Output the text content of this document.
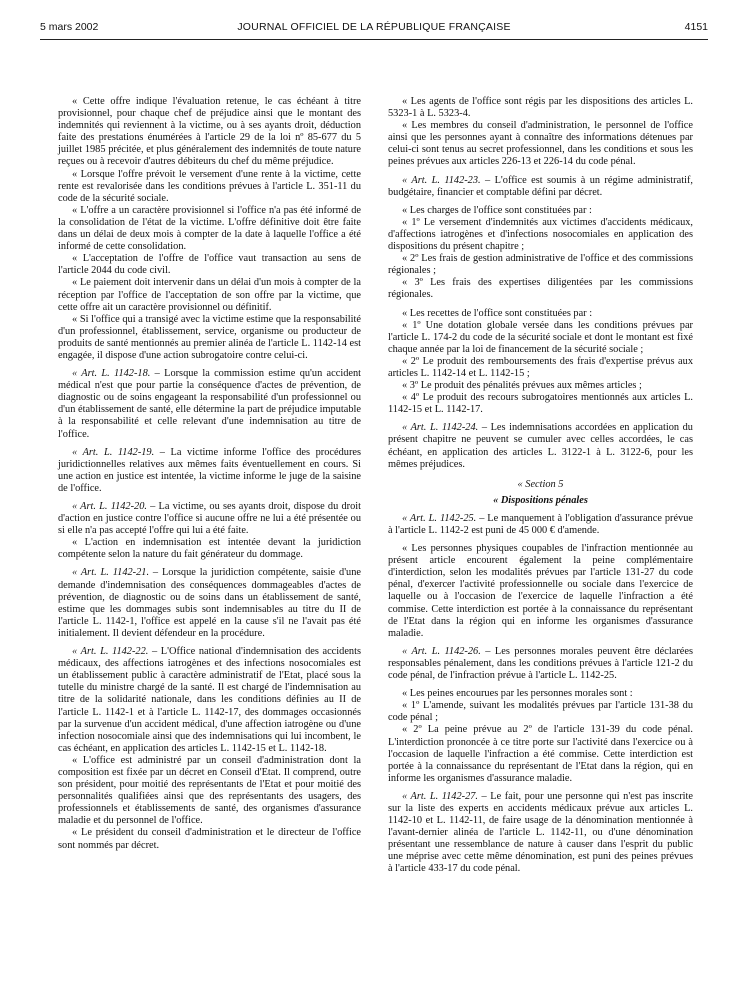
5 mars 2002	JOURNAL OFFICIEL DE LA RÉPUBLIQUE FRANÇAISE	4151

« Cette offre indique l'évaluation retenue, le cas échéant à titre provisionnel, pour chaque chef de préjudice ainsi que le montant des indemnités qui reviennent à la victime, ou à ses ayants droit, déduction faite des prestations énumérées à l'article 29 de la loi nº 85-677 du 5 juillet 1985 précitée, et plus généralement des indemnités de toute nature reçues ou à recevoir d'autres débiteurs du chef du même préjudice.

« Lorsque l'offre prévoit le versement d'une rente à la victime, cette rente est revalorisée dans les conditions prévues à l'article L. 351-11 du code de la sécurité sociale.

« L'offre a un caractère provisionnel si l'office n'a pas été informé de la consolidation de l'état de la victime. L'offre définitive doit être faite dans un délai de deux mois à compter de la date à laquelle l'office a été informé de cette consolidation.

« L'acceptation de l'offre de l'office vaut transaction au sens de l'article 2044 du code civil.

« Le paiement doit intervenir dans un délai d'un mois à compter de la réception par l'office de l'acceptation de son offre par la victime, que cette offre ait un caractère provisionnel ou définitif.

« Si l'office qui a transigé avec la victime estime que la responsabilité d'un professionnel, établissement, service, organisme ou producteur de produits de santé mentionnés au premier alinéa de l'article L. 1142-14 est engagée, il dispose d'une action subrogatoire contre celui-ci.

« Art. L. 1142-18. – Lorsque la commission estime qu'un accident médical n'est que pour partie la conséquence d'actes de prévention, de diagnostic ou de soins engageant la responsabilité d'un professionnel ou d'un établissement de santé, elle détermine la part de préjudice imputable à la responsabilité et celle relevant d'une indemnisation au titre de l'office.

« Art. L. 1142-19. – La victime informe l'office des procédures juridictionnelles relatives aux mêmes faits éventuellement en cours. Si une action en justice est intentée, la victime informe le juge de la saisine de l'office.

« Art. L. 1142-20. – La victime, ou ses ayants droit, dispose du droit d'action en justice contre l'office si aucune offre ne lui a été présentée ou si elle n'a pas accepté l'offre qui lui a été faite.

« L'action en indemnisation est intentée devant la juridiction compétente selon la nature du fait générateur du dommage.

« Art. L. 1142-21. – Lorsque la juridiction compétente, saisie d'une demande d'indemnisation des conséquences dommageables d'actes de prévention, de diagnostic ou de soins dans un établissement de santé, estime que les dommages subis sont indemnisables au titre du II de l'article L. 1142-1, l'office est appelé en la cause s'il ne l'avait pas été initialement. Il devient défendeur en la procédure.

« Art. L. 1142-22. – L'Office national d'indemnisation des accidents médicaux, des affections iatrogènes et des infections nosocomiales est un établissement public à caractère administratif de l'Etat, placé sous la tutelle du ministre chargé de la santé. Il est chargé de l'indemnisation au titre de la solidarité nationale, dans les conditions définies au II de l'article L. 1142-1 et à l'article L. 1142-17, des dommages occasionnés par la survenue d'un accident médical, d'une affection iatrogène ou d'une infection nosocomiale ainsi que des indemnisations qui lui incombent, le cas échéant, en application des articles L. 1142-15 et L. 1142-18.

« L'office est administré par un conseil d'administration dont la composition est fixée par un décret en Conseil d'Etat. Il comprend, outre son président, pour moitié des représentants de l'Etat et pour moitié des personnalités qualifiées ainsi que des représentants des usagers, des professionnels et établissements de santé, des organismes d'assurance maladie et du personnel de l'office.

« Le président du conseil d'administration et le directeur de l'office sont nommés par décret.

« Les agents de l'office sont régis par les dispositions des articles L. 5323-1 à L. 5323-4.

« Les membres du conseil d'administration, le personnel de l'office ainsi que les personnes ayant à connaître des informations détenues par celui-ci sont tenus au secret professionnel, dans les conditions et sous les peines prévues aux articles 226-13 et 226-14 du code pénal.

« Art. L. 1142-23. – L'office est soumis à un régime administratif, budgétaire, financier et comptable défini par décret.

« Les charges de l'office sont constituées par :

« 1º Le versement d'indemnités aux victimes d'accidents médicaux, d'affections iatrogènes et d'infections nosocomiales en application des dispositions du présent chapitre ;

« 2º Les frais de gestion administrative de l'office et des commissions régionales ;

« 3º Les frais des expertises diligentées par les commissions régionales.

« Les recettes de l'office sont constituées par :

« 1º Une dotation globale versée dans les conditions prévues par l'article L. 174-2 du code de la sécurité sociale et dont le montant est fixé chaque année par la loi de financement de la sécurité sociale ;

« 2º Le produit des remboursements des frais d'expertise prévus aux articles L. 1142-14 et L. 1142-15 ;

« 3º Le produit des pénalités prévues aux mêmes articles ;

« 4º Le produit des recours subrogatoires mentionnés aux articles L. 1142-15 et L. 1142-17.

« Art. L. 1142-24. – Les indemnisations accordées en application du présent chapitre ne peuvent se cumuler avec celles accordées, le cas échéant, en application des articles L. 3122-1 à L. 3122-6, pour les mêmes préjudices.

« Section 5

« Dispositions pénales

« Art. L. 1142-25. – Le manquement à l'obligation d'assurance prévue à l'article L. 1142-2 est puni de 45 000 € d'amende.

« Les personnes physiques coupables de l'infraction mentionnée au présent article encourent également la peine complémentaire d'interdiction, selon les modalités prévues par l'article 131-27 du code pénal, d'exercer l'activité professionnelle ou sociale dans l'exercice de laquelle ou à l'occasion de l'exercice de laquelle l'infraction a été commise. Cette interdiction est portée à la connaissance du représentant de l'Etat dans la région qui en informe les organismes d'assurance maladie.

« Art. L. 1142-26. – Les personnes morales peuvent être déclarées responsables pénalement, dans les conditions prévues à l'article 121-2 du code pénal, de l'infraction prévue à l'article L. 1142-25.

« Les peines encourues par les personnes morales sont :

« 1º L'amende, suivant les modalités prévues par l'article 131-38 du code pénal ;

« 2º La peine prévue au 2º de l'article 131-39 du code pénal. L'interdiction prononcée à ce titre porte sur l'activité dans l'exercice ou à l'occasion de laquelle l'infraction a été commise. Cette interdiction est portée à la connaissance du représentant de l'Etat dans la région, qui en informe les organismes d'assurance maladie.

« Art. L. 1142-27. – Le fait, pour une personne qui n'est pas inscrite sur la liste des experts en accidents médicaux prévue aux articles L. 1142-10 et L. 1142-11, de faire usage de la dénomination mentionnée à l'avant-dernier alinéa de l'article L. 1142-11, ou d'une dénomination présentant une ressemblance de nature à causer dans l'esprit du public une méprise avec cette même dénomination, est puni des peines prévues à l'article 433-17 du code pénal.
